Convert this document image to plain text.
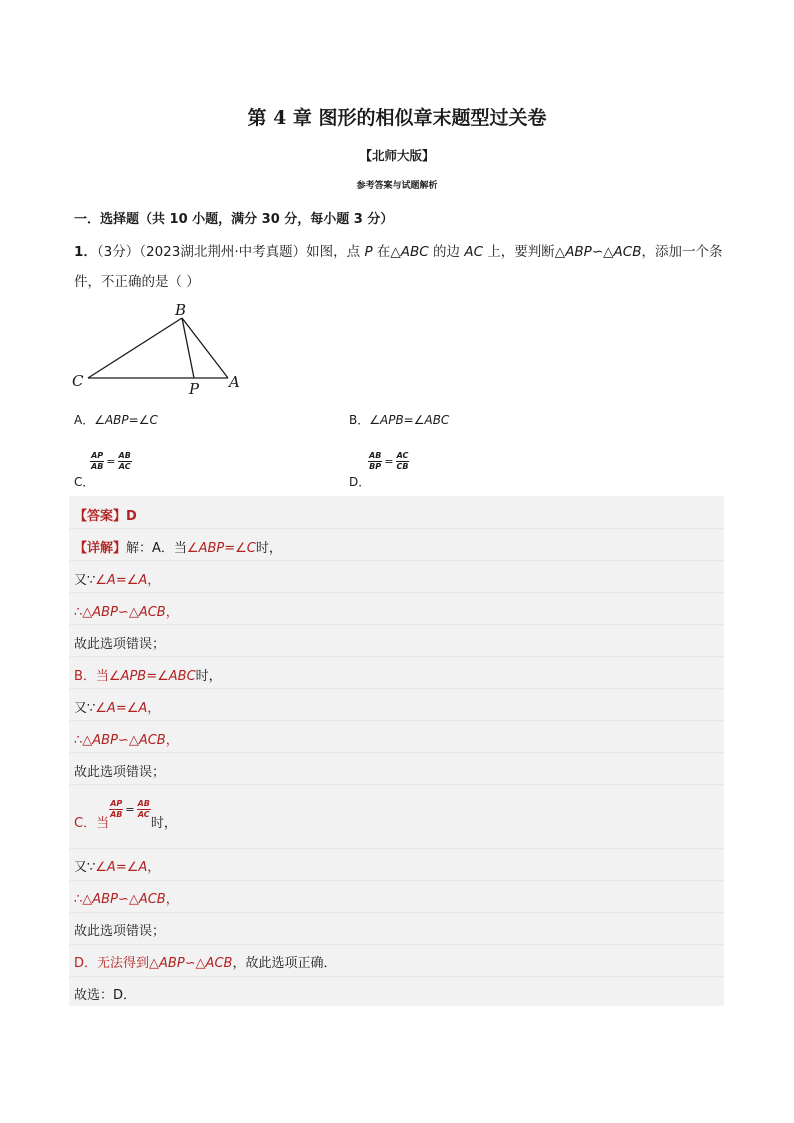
第 4 章 图形的相似章末题型过关卷
【北师大版】
参考答案与试题解析
一．选择题（共 10 小题，满分 30 分，每小题 3 分）
1．（3分）（2023湖北荆州·中考真题）如图，点 P 在△ABC 的边 AC 上，要判断△ABP∽△ACB，添加一个条
件，不正确的是（ ）
B
C	P A
A．∠ABP=∠C	B．∠APB=∠ABC
C．
$\frac{AP}{AB} = \frac{AB}{AC}$
D．
$\frac{AB}{BP} = \frac{AC}{CB}$
【答案】D
【详解】解：A．当∠ABP=∠C时，
又∵∠A=∠A，
∴△ABP∽△ACB，
故此选项错误；
B．当∠APB=∠ABC时，
又∵∠A=∠A，
∴△ABP∽△ACB，
故此选项错误；
C．当
$\frac{AP}{AB} = \frac{AB}{AC}$
时，
又∵∠A=∠A，
∴△ABP∽△ACB，
故此选项错误；
D．无法得到△ABP∽△ACB，故此选项正确．
故选：D．
